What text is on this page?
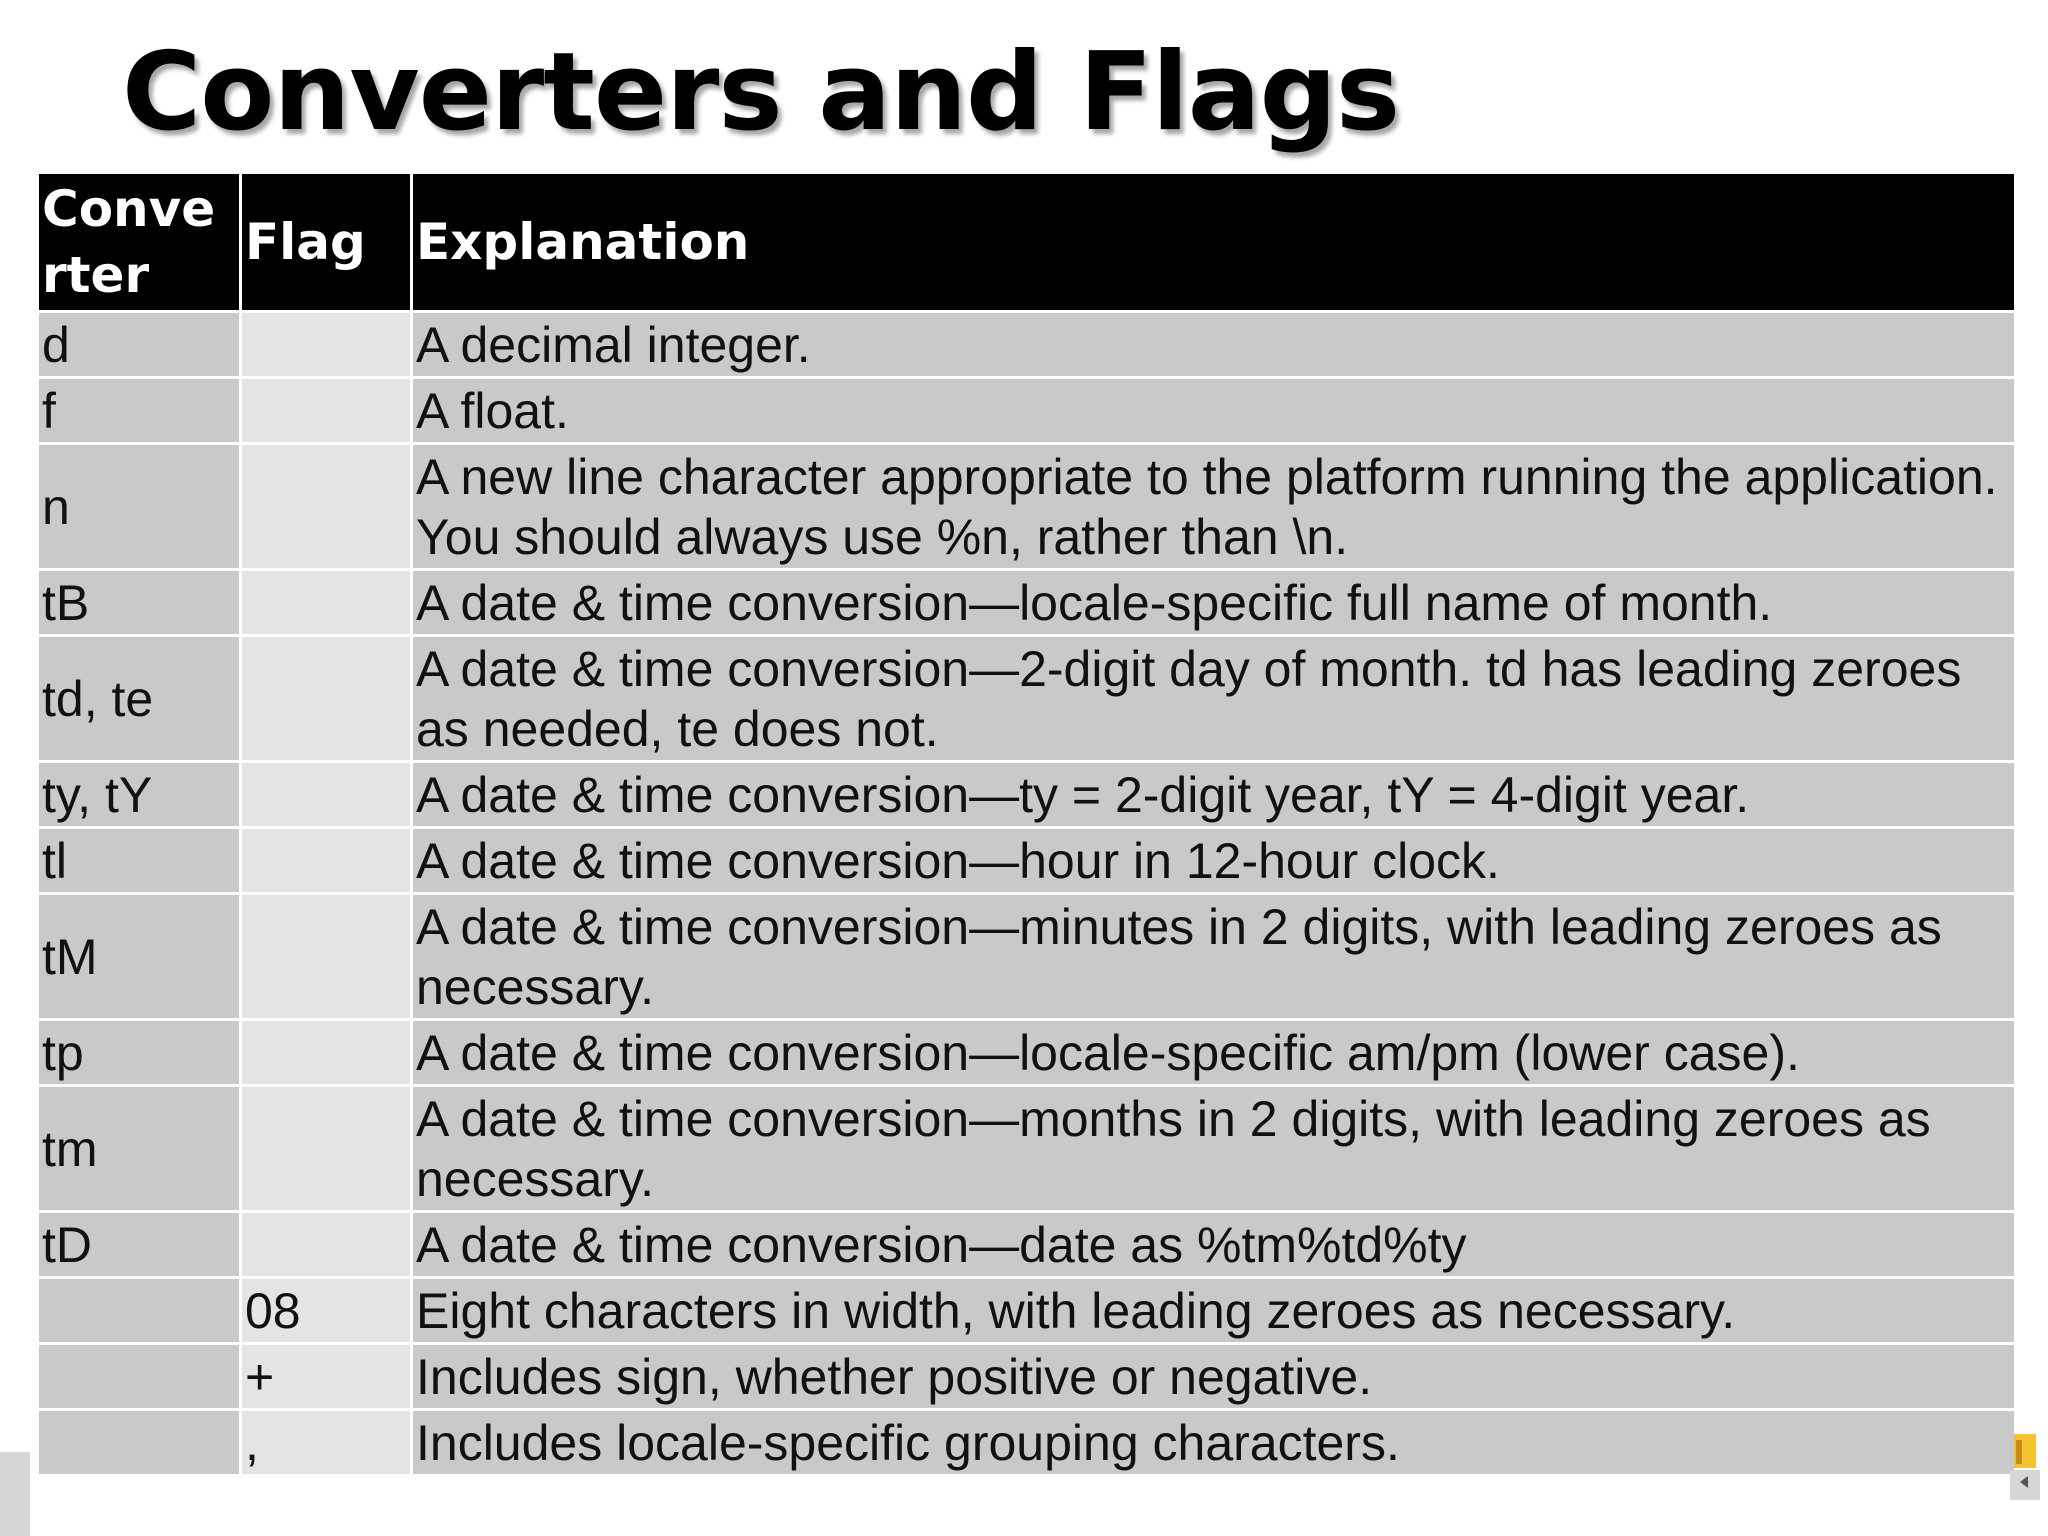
Converters and Flags
Converter	Flag	Explanation
d		A decimal integer.
f		A float.
n		A new line character appropriate to the platform running the application. You should always use %n, rather than \n.
tB		A date & time conversion—locale-specific full name of month.
td, te		A date & time conversion—2-digit day of month. td has leading zeroes as needed, te does not.
ty, tY		A date & time conversion—ty = 2-digit year, tY = 4-digit year.
tl		A date & time conversion—hour in 12-hour clock.
tM		A date & time conversion—minutes in 2 digits, with leading zeroes as necessary.
tp		A date & time conversion—locale-specific am/pm (lower case).
tm		A date & time conversion—months in 2 digits, with leading zeroes as necessary.
tD		A date & time conversion—date as %tm%td%ty
	08	Eight characters in width, with leading zeroes as necessary.
	+	Includes sign, whether positive or negative.
	,	Includes locale-specific grouping characters.
